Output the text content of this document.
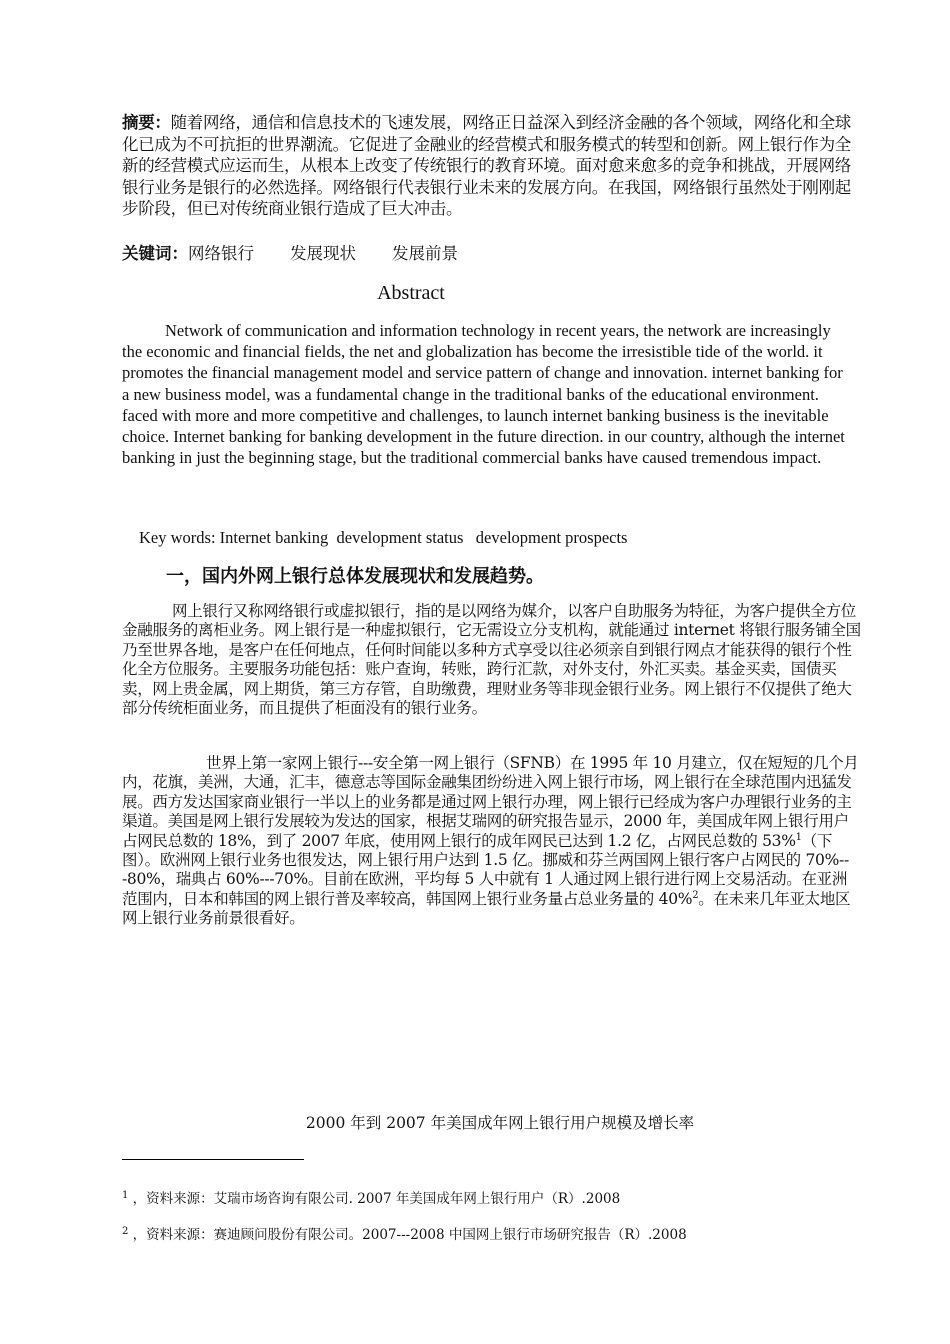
摘要：随着网络，通信和信息技术的飞速发展，网络正日益深入到经济金融的各个领域，网络化和全球化已成为不可抗拒的世界潮流。它促进了金融业的经营模式和服务模式的转型和创新。网上银行作为全新的经营模式应运而生，从根本上改变了传统银行的教育环境。面对愈来愈多的竞争和挑战，开展网络银行业务是银行的必然选择。网络银行代表银行业未来的发展方向。在我国，网络银行虽然处于刚刚起步阶段，但已对传统商业银行造成了巨大冲击。
关键词：网络银行 发展现状 发展前景
Abstract

Network of communication and information technology in recent years, the network are increasingly the economic and financial fields, the net and globalization has become the irresistible tide of the world. it promotes the financial management model and service pattern of change and innovation. internet banking for a new business model, was a fundamental change in the traditional banks of the educational environment. faced with more and more competitive and challenges, to launch internet banking business is the inevitable choice. Internet banking for banking development in the future direction. in our country, although the internet banking in just the beginning stage, but the traditional commercial banks have caused tremendous impact.

Key words: Internet banking  development status   development prospects
一，国内外网上银行总体发展现状和发展趋势。

网上银行又称网络银行或虚拟银行，指的是以网络为媒介，以客户自助服务为特征，为客户提供全方位金融服务的离柜业务。网上银行是一种虚拟银行，它无需设立分支机构，就能通过 internet 将银行服务铺全国乃至世界各地，是客户在任何地点，任何时间能以多种方式享受以往必须亲自到银行网点才能获得的银行个性化全方位服务。主要服务功能包括：账户查询，转账，跨行汇款，对外支付，外汇买卖。基金买卖，国债买卖，网上贵金属，网上期货，第三方存管，自助缴费，理财业务等非现金银行业务。网上银行不仅提供了绝大部分传统柜面业务，而且提供了柜面没有的银行业务。

世界上第一家网上银行---安全第一网上银行（SFNB）在 1995 年 10 月建立，仅在短短的几个月内，花旗，美洲，大通，汇丰，德意志等国际金融集团纷纷进入网上银行市场，网上银行在全球范围内迅猛发展。西方发达国家商业银行一半以上的业务都是通过网上银行办理，网上银行已经成为客户办理银行业务的主渠道。美国是网上银行发展较为发达的国家，根据艾瑞网的研究报告显示，2000 年，美国成年网上银行用户占网民总数的 18%，到了 2007 年底，使用网上银行的成年网民已达到 1.2 亿，占网民总数的 53%$^1$（下图）。欧洲网上银行业务也很发达，网上银行用户达到 1.5 亿。挪威和芬兰两国网上银行客户占网民的 70%---80%，瑞典占 60%---70%。目前在欧洲，平均每 5 人中就有 1 人通过网上银行进行网上交易活动。在亚洲范围内，日本和韩国的网上银行普及率较高，韩国网上银行业务量占总业务量的 40%$^2$。在未来几年亚太地区网上银行业务前景很看好。

2000 年到 2007 年美国成年网上银行用户规模及增长率
$^1$ ，资料来源：艾瑞市场咨询有限公司. 2007 年美国成年网上银行用户（R）.2008
$^2$ ，资料来源：赛迪顾问股份有限公司。2007---2008 中国网上银行市场研究报告（R）.2008
